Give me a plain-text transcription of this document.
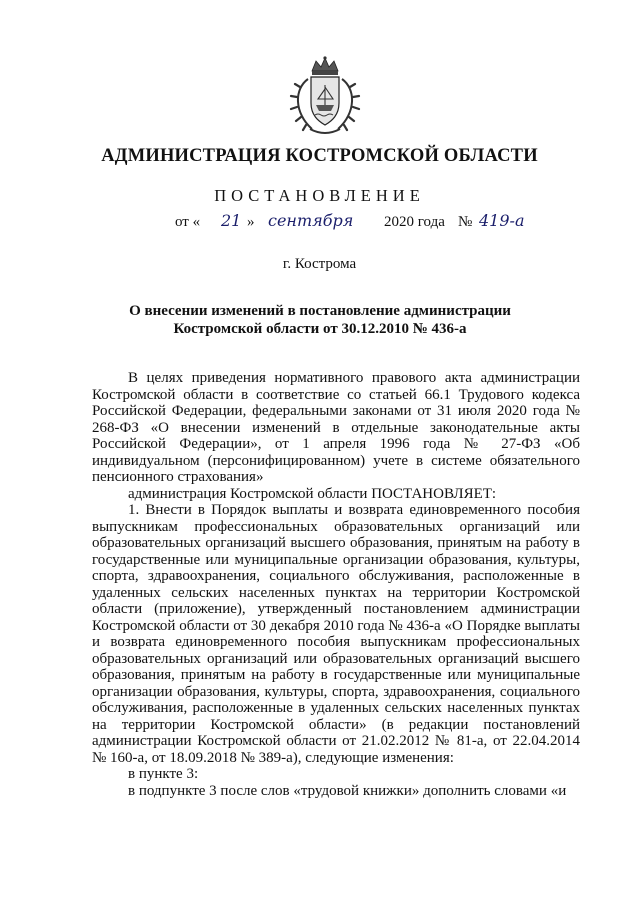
АДМИНИСТРАЦИЯ КОСТРОМСКОЙ ОБЛАСТИ
ПОСТАНОВЛЕНИЕ
от « 21 » сентября 2020 года № 419-а
г. Кострома
О внесении изменений в постановление администрации
Костромской области от 30.12.2010 № 436-а

В целях приведения нормативного правового акта администрации Костромской области в соответствие со статьей 66.1 Трудового кодекса Российской Федерации, федеральными законами от 31 июля 2020 года № 268-ФЗ «О внесении изменений в отдельные законодательные акты Российской Федерации», от 1 апреля 1996 года № 27-ФЗ «Об индивидуальном (персонифицированном) учете в системе обязательного пенсионного страхования»

администрация Костромской области ПОСТАНОВЛЯЕТ:

1. Внести в Порядок выплаты и возврата единовременного пособия выпускникам профессиональных образовательных организаций или образовательных организаций высшего образования, принятым на работу в государственные или муниципальные организации образования, культуры, спорта, здравоохранения, социального обслуживания, расположенные в удаленных сельских населенных пунктах на территории Костромской области (приложение), утвержденный постановлением администрации Костромской области от 30 декабря 2010 года № 436-а «О Порядке выплаты и возврата единовременного пособия выпускникам профессиональных образовательных организаций или образовательных организаций высшего образования, принятым на работу в государственные или муниципальные организации образования, культуры, спорта, здравоохранения, социального обслуживания, расположенные в удаленных сельских населенных пунктах на территории Костромской области» (в редакции постановлений администрации Костромской области от 21.02.2012 № 81-а, от 22.04.2014 № 160-а, от 18.09.2018 № 389-а), следующие изменения:

в пункте 3:

в подпункте 3 после слов «трудовой книжки» дополнить словами «и
